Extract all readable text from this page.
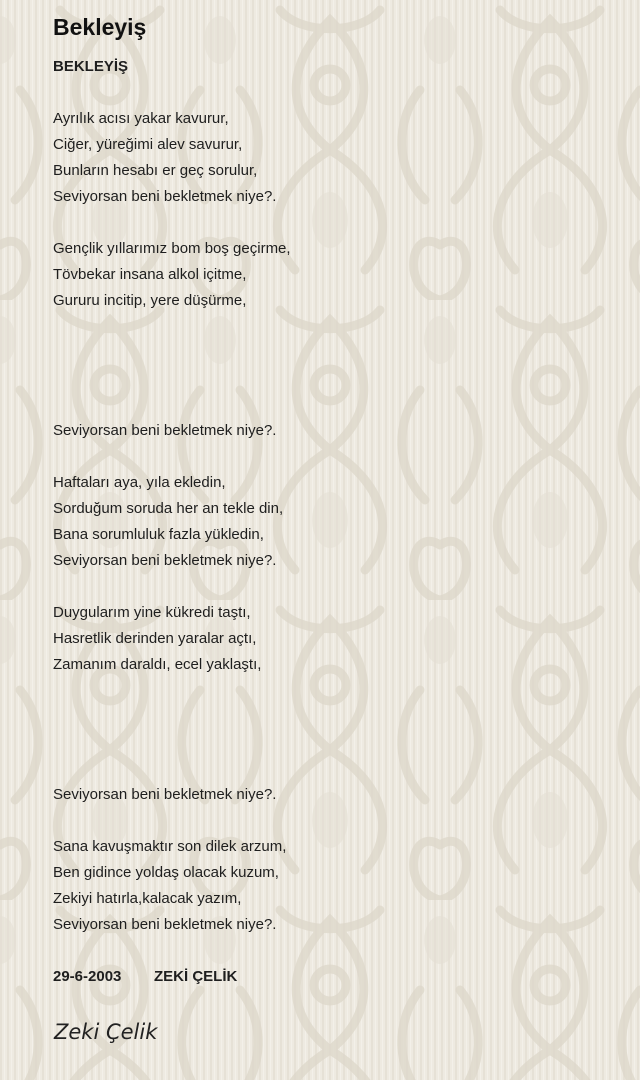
Bekleyiş
BEKLEYİŞ
Ayrılık acısı yakar kavurur,
Ciğer, yüreğimi alev savurur,
Bunların hesabı er geç sorulur,
Seviyorsan beni bekletmek niye?.
Gençlik yıllarımız bom boş geçirme,
Tövbekar insana alkol içitme,
Gururu incitip, yere düşürme,
Seviyorsan beni bekletmek niye?.
Haftaları aya, yıla ekledin,
Sorduğum soruda her an tekle din,
Bana sorumluluk fazla yükledin,
Seviyorsan beni bekletmek niye?.
Duygularım yine kükredi taştı,
Hasretlik derinden yaralar açtı,
Zamanım daraldı, ecel yaklaştı,
Seviyorsan beni bekletmek niye?.
Sana kavuşmaktır son dilek arzum,
Ben gidince yoldaş olacak kuzum,
Zekiyi hatırla,kalacak yazım,
Seviyorsan beni bekletmek niye?.
29-6-2003 ZEKİ ÇELİK

Zeki Çelik
